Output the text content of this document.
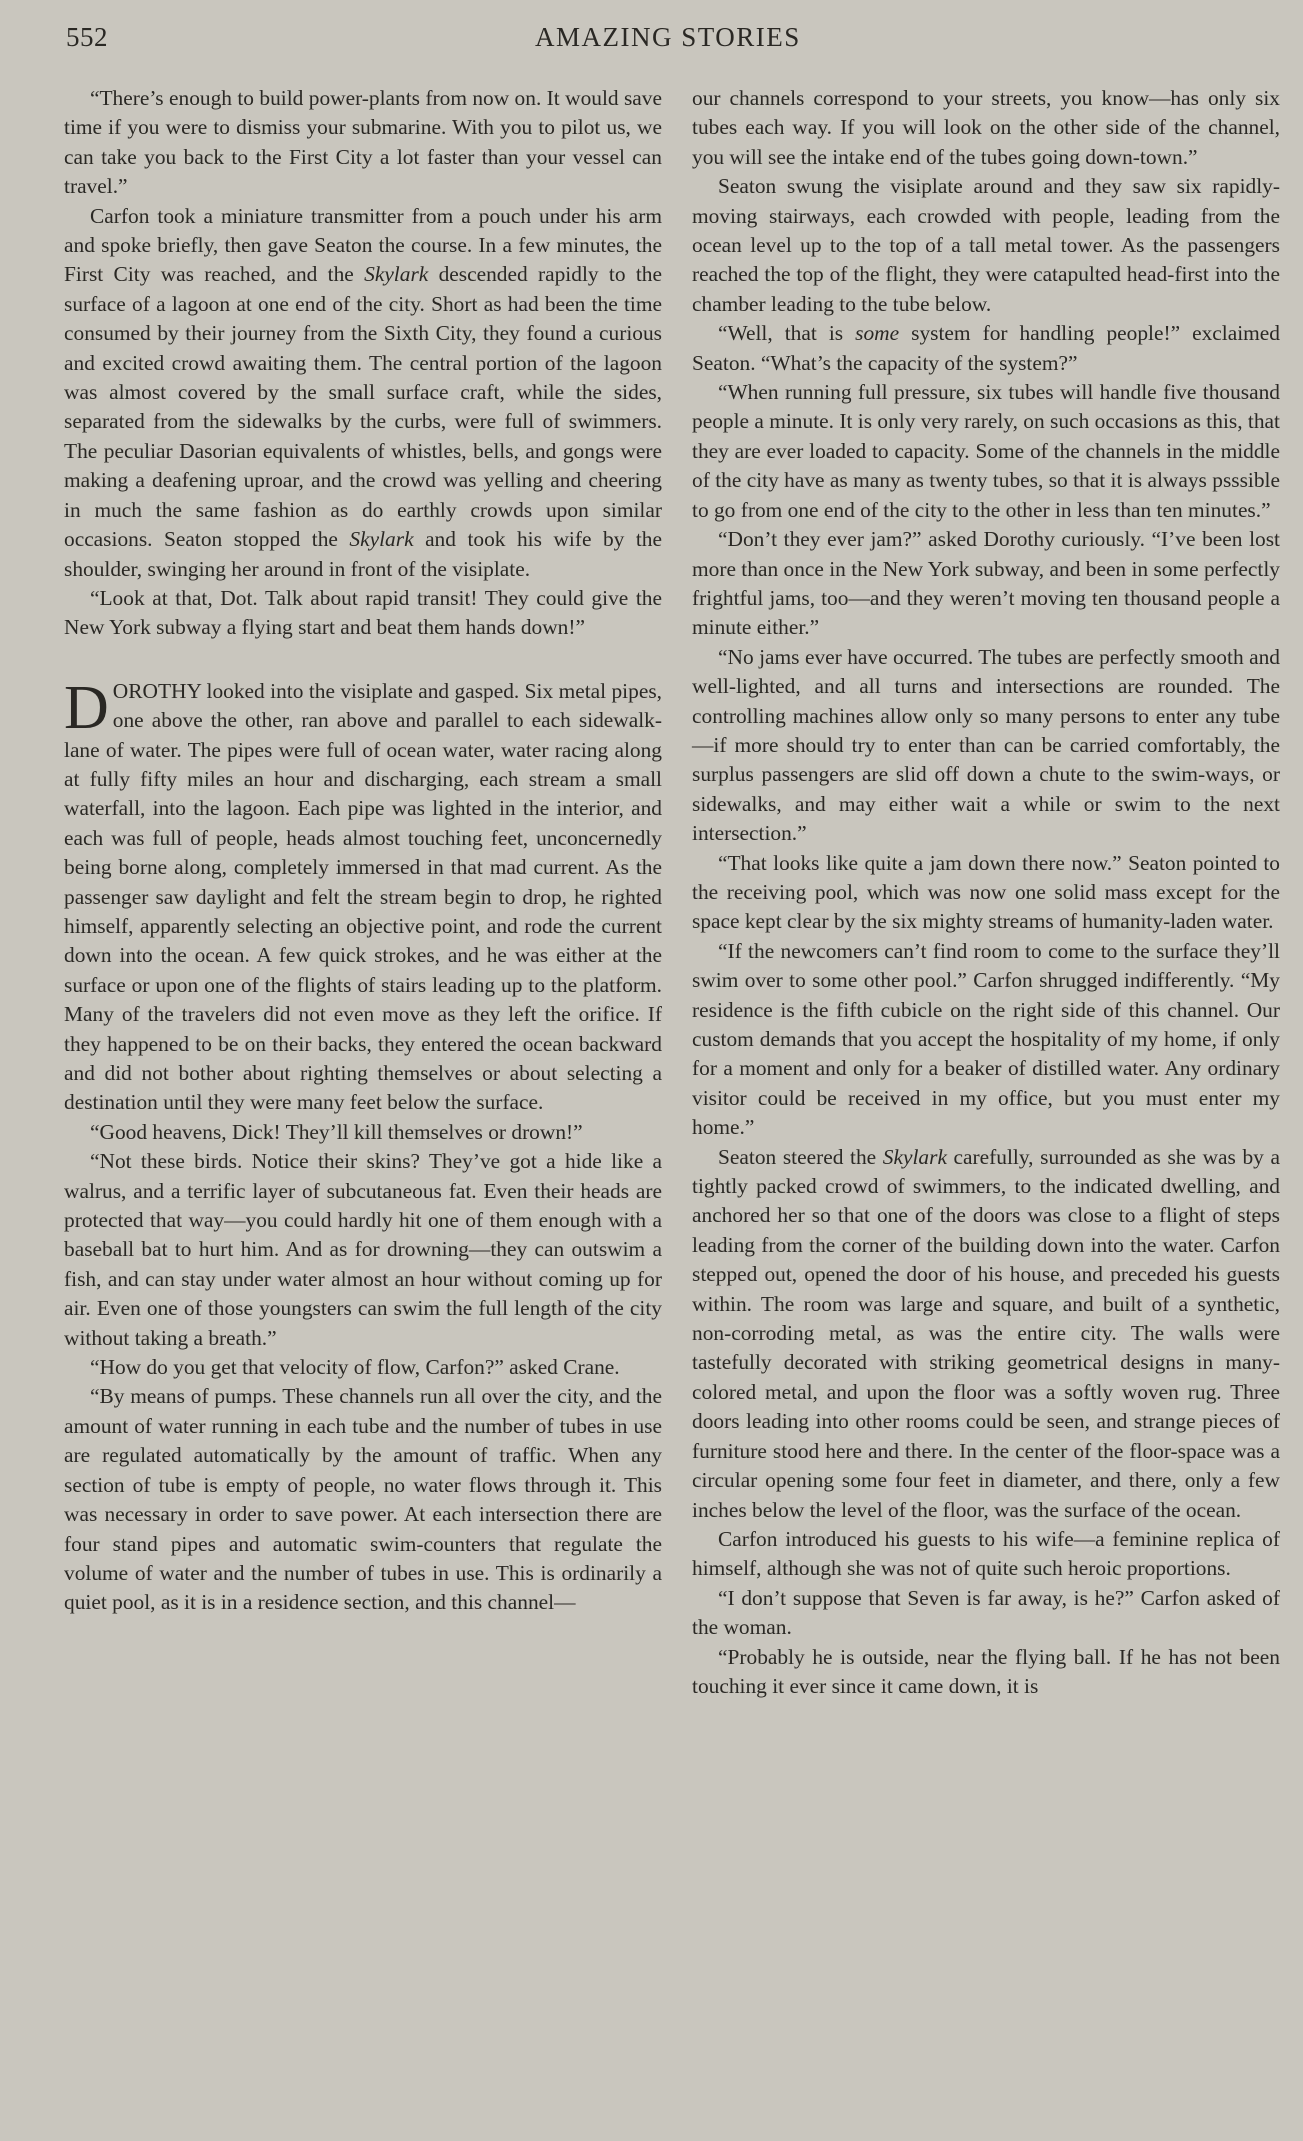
552	AMAZING STORIES

“There’s enough to build power-plants from now on. It would save time if you were to dismiss your submarine. With you to pilot us, we can take you back to the First City a lot faster than your vessel can travel.”

Carfon took a miniature transmitter from a pouch under his arm and spoke briefly, then gave Seaton the course. In a few minutes, the First City was reached, and the Skylark descended rapidly to the surface of a lagoon at one end of the city. Short as had been the time consumed by their journey from the Sixth City, they found a curious and excited crowd awaiting them. The central portion of the lagoon was almost covered by the small surface craft, while the sides, separated from the sidewalks by the curbs, were full of swimmers. The peculiar Dasorian equivalents of whistles, bells, and gongs were making a deafening uproar, and the crowd was yelling and cheering in much the same fashion as do earthly crowds upon similar occasions. Seaton stopped the Skylark and took his wife by the shoulder, swinging her around in front of the visiplate.

“Look at that, Dot. Talk about rapid transit! They could give the New York subway a flying start and beat them hands down!”

DOROTHY looked into the visiplate and gasped. Six metal pipes, one above the other, ran above and parallel to each sidewalk-lane of water. The pipes were full of ocean water, water racing along at fully fifty miles an hour and discharging, each stream a small waterfall, into the lagoon. Each pipe was lighted in the interior, and each was full of people, heads almost touching feet, unconcernedly being borne along, completely immersed in that mad current. As the passenger saw daylight and felt the stream begin to drop, he righted himself, apparently selecting an objective point, and rode the current down into the ocean. A few quick strokes, and he was either at the surface or upon one of the flights of stairs leading up to the platform. Many of the travelers did not even move as they left the orifice. If they happened to be on their backs, they entered the ocean backward and did not bother about righting themselves or about selecting a destination until they were many feet below the surface.

“Good heavens, Dick! They’ll kill themselves or drown!”

“Not these birds. Notice their skins? They’ve got a hide like a walrus, and a terrific layer of subcutaneous fat. Even their heads are protected that way—you could hardly hit one of them enough with a baseball bat to hurt him. And as for drowning—they can outswim a fish, and can stay under water almost an hour without coming up for air. Even one of those youngsters can swim the full length of the city without taking a breath.”

“How do you get that velocity of flow, Carfon?” asked Crane.

“By means of pumps. These channels run all over the city, and the amount of water running in each tube and the number of tubes in use are regulated automatically by the amount of traffic. When any section of tube is empty of people, no water flows through it. This was necessary in order to save power. At each intersection there are four stand pipes and automatic swim-counters that regulate the volume of water and the number of tubes in use. This is ordinarily a quiet pool, as it is in a residence section, and this channel—

our channels correspond to your streets, you know—has only six tubes each way. If you will look on the other side of the channel, you will see the intake end of the tubes going down-town.”

Seaton swung the visiplate around and they saw six rapidly-moving stairways, each crowded with people, leading from the ocean level up to the top of a tall metal tower. As the passengers reached the top of the flight, they were catapulted head-first into the chamber leading to the tube below.

“Well, that is some system for handling people!” exclaimed Seaton. “What’s the capacity of the system?”

“When running full pressure, six tubes will handle five thousand people a minute. It is only very rarely, on such occasions as this, that they are ever loaded to capacity. Some of the channels in the middle of the city have as many as twenty tubes, so that it is always psssible to go from one end of the city to the other in less than ten minutes.”

“Don’t they ever jam?” asked Dorothy curiously. “I’ve been lost more than once in the New York subway, and been in some perfectly frightful jams, too—and they weren’t moving ten thousand people a minute either.”

“No jams ever have occurred. The tubes are perfectly smooth and well-lighted, and all turns and intersections are rounded. The controlling machines allow only so many persons to enter any tube—if more should try to enter than can be carried comfortably, the surplus passengers are slid off down a chute to the swim-ways, or sidewalks, and may either wait a while or swim to the next intersection.”

“That looks like quite a jam down there now.” Seaton pointed to the receiving pool, which was now one solid mass except for the space kept clear by the six mighty streams of humanity-laden water.

“If the newcomers can’t find room to come to the surface they’ll swim over to some other pool.” Carfon shrugged indifferently. “My residence is the fifth cubicle on the right side of this channel. Our custom demands that you accept the hospitality of my home, if only for a moment and only for a beaker of distilled water. Any ordinary visitor could be received in my office, but you must enter my home.”

Seaton steered the Skylark carefully, surrounded as she was by a tightly packed crowd of swimmers, to the indicated dwelling, and anchored her so that one of the doors was close to a flight of steps leading from the corner of the building down into the water. Carfon stepped out, opened the door of his house, and preceded his guests within. The room was large and square, and built of a synthetic, non-corroding metal, as was the entire city. The walls were tastefully decorated with striking geometrical designs in many-colored metal, and upon the floor was a softly woven rug. Three doors leading into other rooms could be seen, and strange pieces of furniture stood here and there. In the center of the floor-space was a circular opening some four feet in diameter, and there, only a few inches below the level of the floor, was the surface of the ocean.

Carfon introduced his guests to his wife—a feminine replica of himself, although she was not of quite such heroic proportions.

“I don’t suppose that Seven is far away, is he?” Carfon asked of the woman.

“Probably he is outside, near the flying ball. If he has not been touching it ever since it came down, it is
